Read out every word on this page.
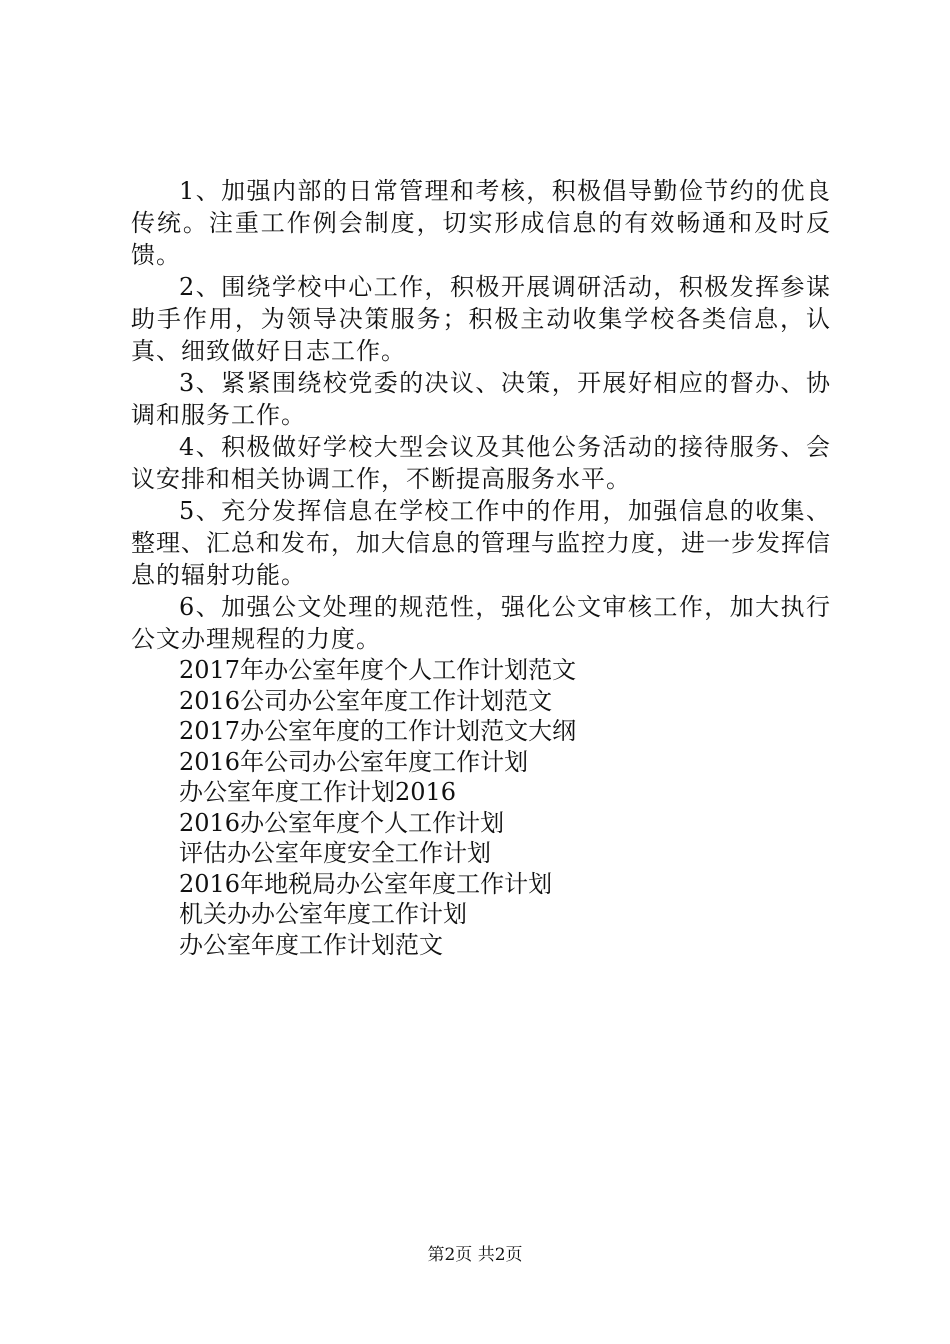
1、加强内部的日常管理和考核，积极倡导勤俭节约的优良传统。注重工作例会制度，切实形成信息的有效畅通和及时反馈。

2、围绕学校中心工作，积极开展调研活动，积极发挥参谋助手作用，为领导决策服务；积极主动收集学校各类信息，认真、细致做好日志工作。

3、紧紧围绕校党委的决议、决策，开展好相应的督办、协调和服务工作。

4、积极做好学校大型会议及其他公务活动的接待服务、会议安排和相关协调工作，不断提高服务水平。

5、充分发挥信息在学校工作中的作用，加强信息的收集、整理、汇总和发布，加大信息的管理与监控力度，进一步发挥信息的辐射功能。

6、加强公文处理的规范性，强化公文审核工作，加大执行公文办理规程的力度。

2017年办公室年度个人工作计划范文
2016公司办公室年度工作计划范文
2017办公室年度的工作计划范文大纲
2016年公司办公室年度工作计划
办公室年度工作计划2016
2016办公室年度个人工作计划
评估办公室年度安全工作计划
2016年地税局办公室年度工作计划
机关办办公室年度工作计划
办公室年度工作计划范文
第2页 共2页
